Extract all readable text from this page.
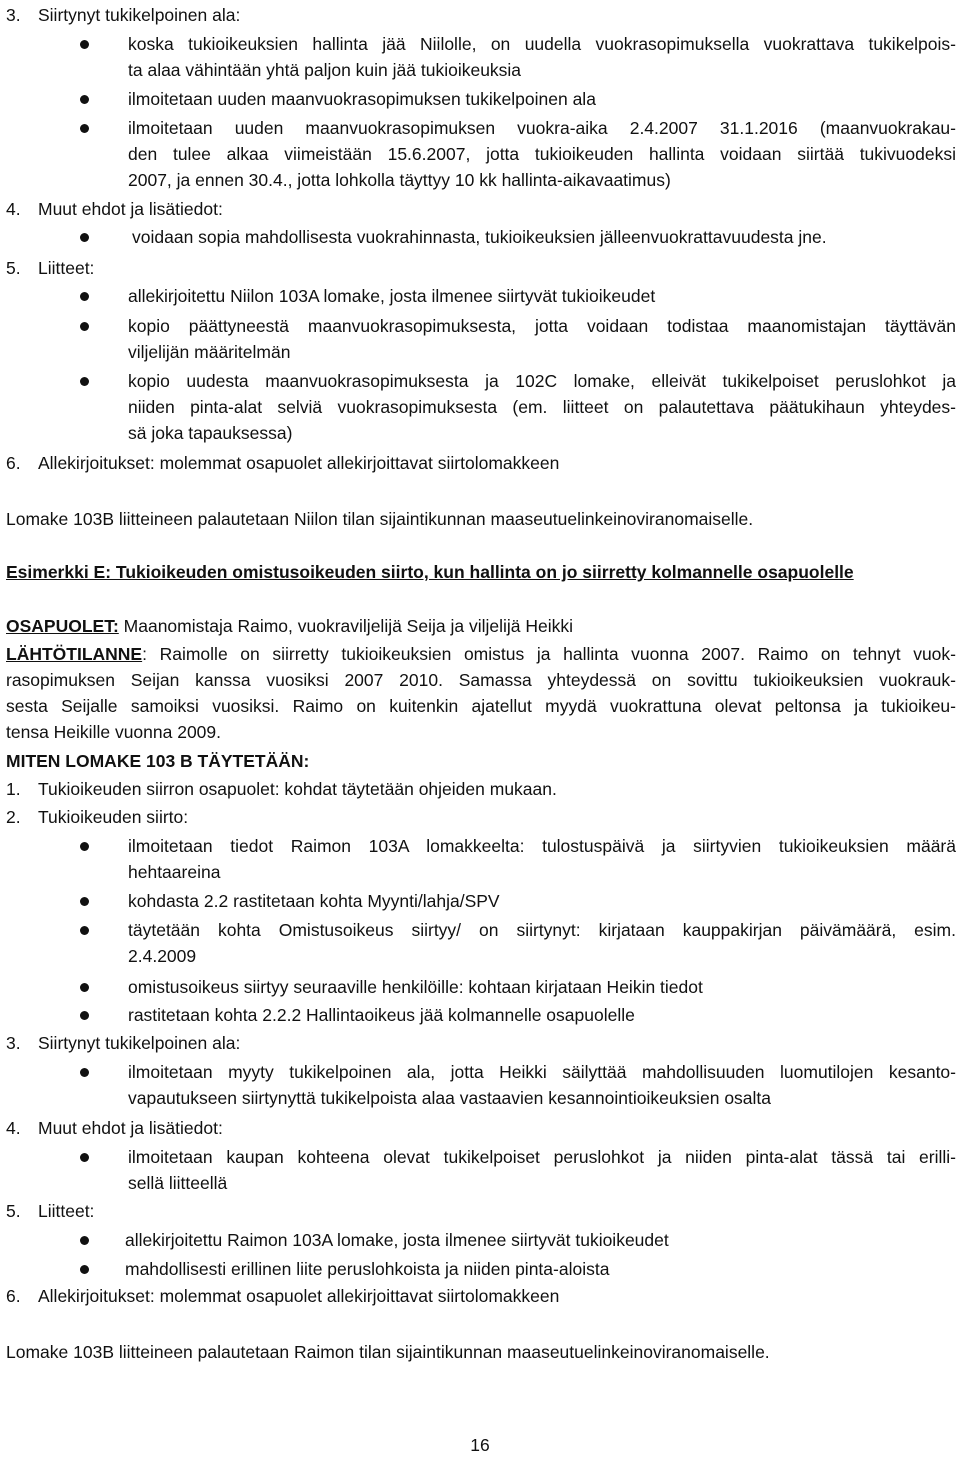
3. Siirtynyt tukikelpoinen ala:
koska tukioikeuksien hallinta jää Niilolle, on uudella vuokrasopimuksella vuokrattava tukikelpois-
ta alaa vähintään yhtä paljon kuin jää tukioikeuksia
ilmoitetaan uuden maanvuokrasopimuksen tukikelpoinen ala
ilmoitetaan uuden maanvuokrasopimuksen vuokra-aika 2.4.2007 31.1.2016 (maanvuokrakau-
den tulee alkaa viimeistään 15.6.2007, jotta tukioikeuden hallinta voidaan siirtää tukivuodeksi
2007, ja ennen 30.4., jotta lohkolla täyttyy 10 kk hallinta-aikavaatimus)
4. Muut ehdot ja lisätiedot:
voidaan sopia mahdollisesta vuokrahinnasta, tukioikeuksien jälleenvuokrattavuudesta jne.
5. Liitteet:
allekirjoitettu Niilon 103A lomake, josta ilmenee siirtyvät tukioikeudet
kopio päättyneestä maanvuokrasopimuksesta, jotta voidaan todistaa maanomistajan täyttävän
viljelijän määritelmän
kopio uudesta maanvuokrasopimuksesta ja 102C lomake, elleivät tukikelpoiset peruslohkot ja
niiden pinta-alat selviä vuokrasopimuksesta (em. liitteet on palautettava päätukihaun yhteydes-
sä joka tapauksessa)
6. Allekirjoitukset: molemmat osapuolet allekirjoittavat siirtolomakkeen
Lomake 103B liitteineen palautetaan Niilon tilan sijaintikunnan maaseutuelinkeinoviranomaiselle.
Esimerkki E: Tukioikeuden omistusoikeuden siirto, kun hallinta on jo siirretty kolmannelle osapuolelle
OSAPUOLET: Maanomistaja Raimo, vuokraviljelijä Seija ja viljelijä Heikki
LÄHTÖTILANNE: Raimolle on siirretty tukioikeuksien omistus ja hallinta vuonna 2007. Raimo on tehnyt vuok-
rasopimuksen Seijan kanssa vuosiksi 2007 2010. Samassa yhteydessä on sovittu tukioikeuksien vuokrauk-
sesta Seijalle samoiksi vuosiksi. Raimo on kuitenkin ajatellut myydä vuokrattuna olevat peltonsa ja tukioikeu-
tensa Heikille vuonna 2009.
MITEN LOMAKE 103 B TÄYTETÄÄN:
1. Tukioikeuden siirron osapuolet: kohdat täytetään ohjeiden mukaan.
2. Tukioikeuden siirto:
ilmoitetaan tiedot Raimon 103A lomakkeelta: tulostuspäivä ja siirtyvien tukioikeuksien määrä
hehtaareina
kohdasta 2.2 rastitetaan kohta Myynti/lahja/SPV
täytetään kohta Omistusoikeus siirtyy/ on siirtynyt: kirjataan kauppakirjan päivämäärä, esim.
2.4.2009
omistusoikeus siirtyy seuraaville henkilöille: kohtaan kirjataan Heikin tiedot
rastitetaan kohta 2.2.2 Hallintaoikeus jää kolmannelle osapuolelle
3. Siirtynyt tukikelpoinen ala:
ilmoitetaan myyty tukikelpoinen ala, jotta Heikki säilyttää mahdollisuuden luomutilojen kesanto-
vapautukseen siirtynyttä tukikelpoista alaa vastaavien kesannointioikeuksien osalta
4. Muut ehdot ja lisätiedot:
ilmoitetaan kaupan kohteena olevat tukikelpoiset peruslohkot ja niiden pinta-alat tässä tai erilli-
sellä liitteellä
5. Liitteet:
allekirjoitettu Raimon 103A lomake, josta ilmenee siirtyvät tukioikeudet
mahdollisesti erillinen liite peruslohkoista ja niiden pinta-aloista
6. Allekirjoitukset: molemmat osapuolet allekirjoittavat siirtolomakkeen
Lomake 103B liitteineen palautetaan Raimon tilan sijaintikunnan maaseutuelinkeinoviranomaiselle.
16
